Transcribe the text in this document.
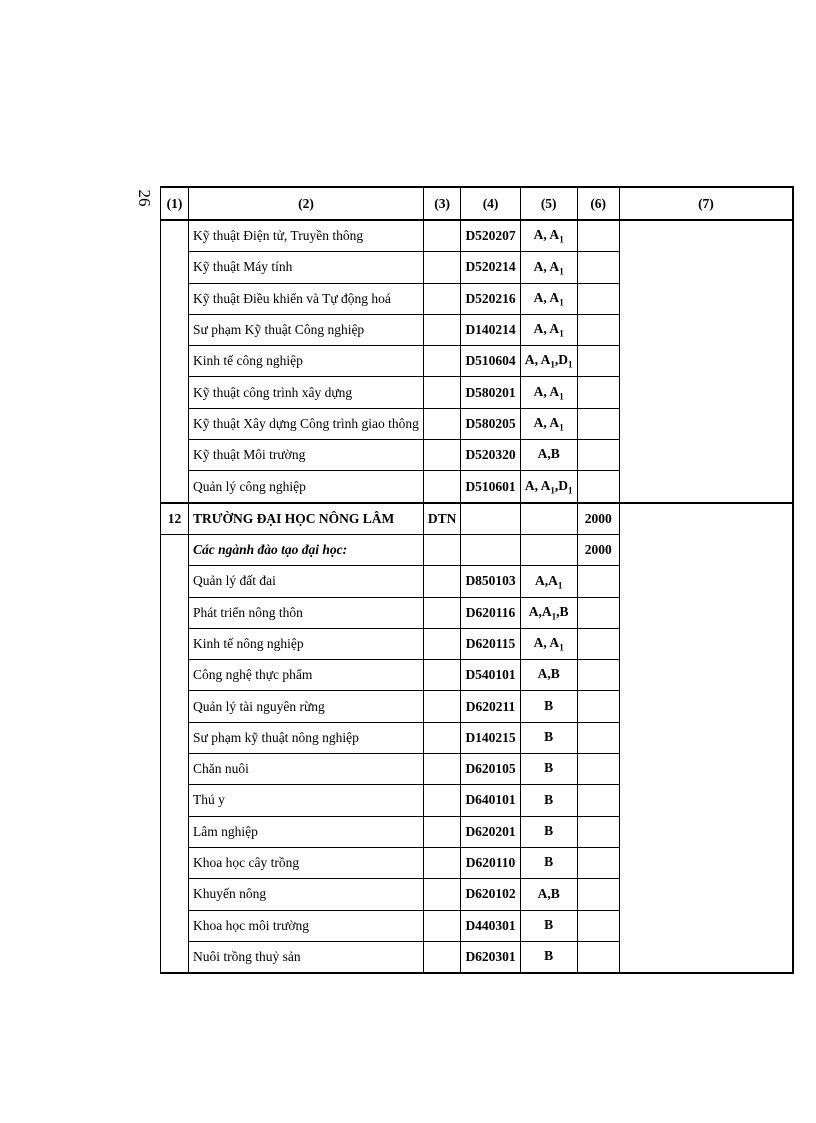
26 (1)	(2)	(3)	(4)	(5)	(6)	(7)
	Kỹ thuật Điện tử, Truyền thông		D520207	A, $A_1$		
	Kỹ thuật Máy tính		D520214	A, $A_1$	
	Kỹ thuật Điều khiển và Tự động hoá		D520216	A, $A_1$	
	Sư phạm Kỹ thuật Công nghiệp		D140214	A, $A_1$	
	Kinh tế công nghiệp		D510604	A, $A_1,D_1$	
	Kỹ thuật công trình xây dựng		D580201	A, $A_1$	
	Kỹ thuật Xây dựng Công trình giao thông		D580205	A, $A_1$	
	Kỹ thuật Môi trường		D520320	A,B		
	Quản lý công nghiệp		D510601	A, $A_1,D_1$	
12	TRƯỜNG ĐẠI HỌC NÔNG LÂM	DTN			2000	
	Các ngành đào tạo đại học:				2000	
	Quản lý đất đai		D850103	$A,A_1$	
	Phát triển nông thôn		D620116	$A,A_1,B$		
	Kinh tế nông nghiệp		D620115	A, $A_1$	
	Công nghệ thực phẩm		D540101	A,B		
	Quản lý tài nguyên rừng		D620211	B		
	Sư phạm kỹ thuật nông nghiệp		D140215	B		
	Chăn nuôi		D620105	B		
	Thú y		D640101	B		
	Lâm nghiệp		D620201	B		
	Khoa học cây trồng		D620110	B		
	Khuyến nông		D620102	A,B		
	Khoa học môi trường		D440301	B		
	Nuôi trồng thuỷ sản		D620301	B		
